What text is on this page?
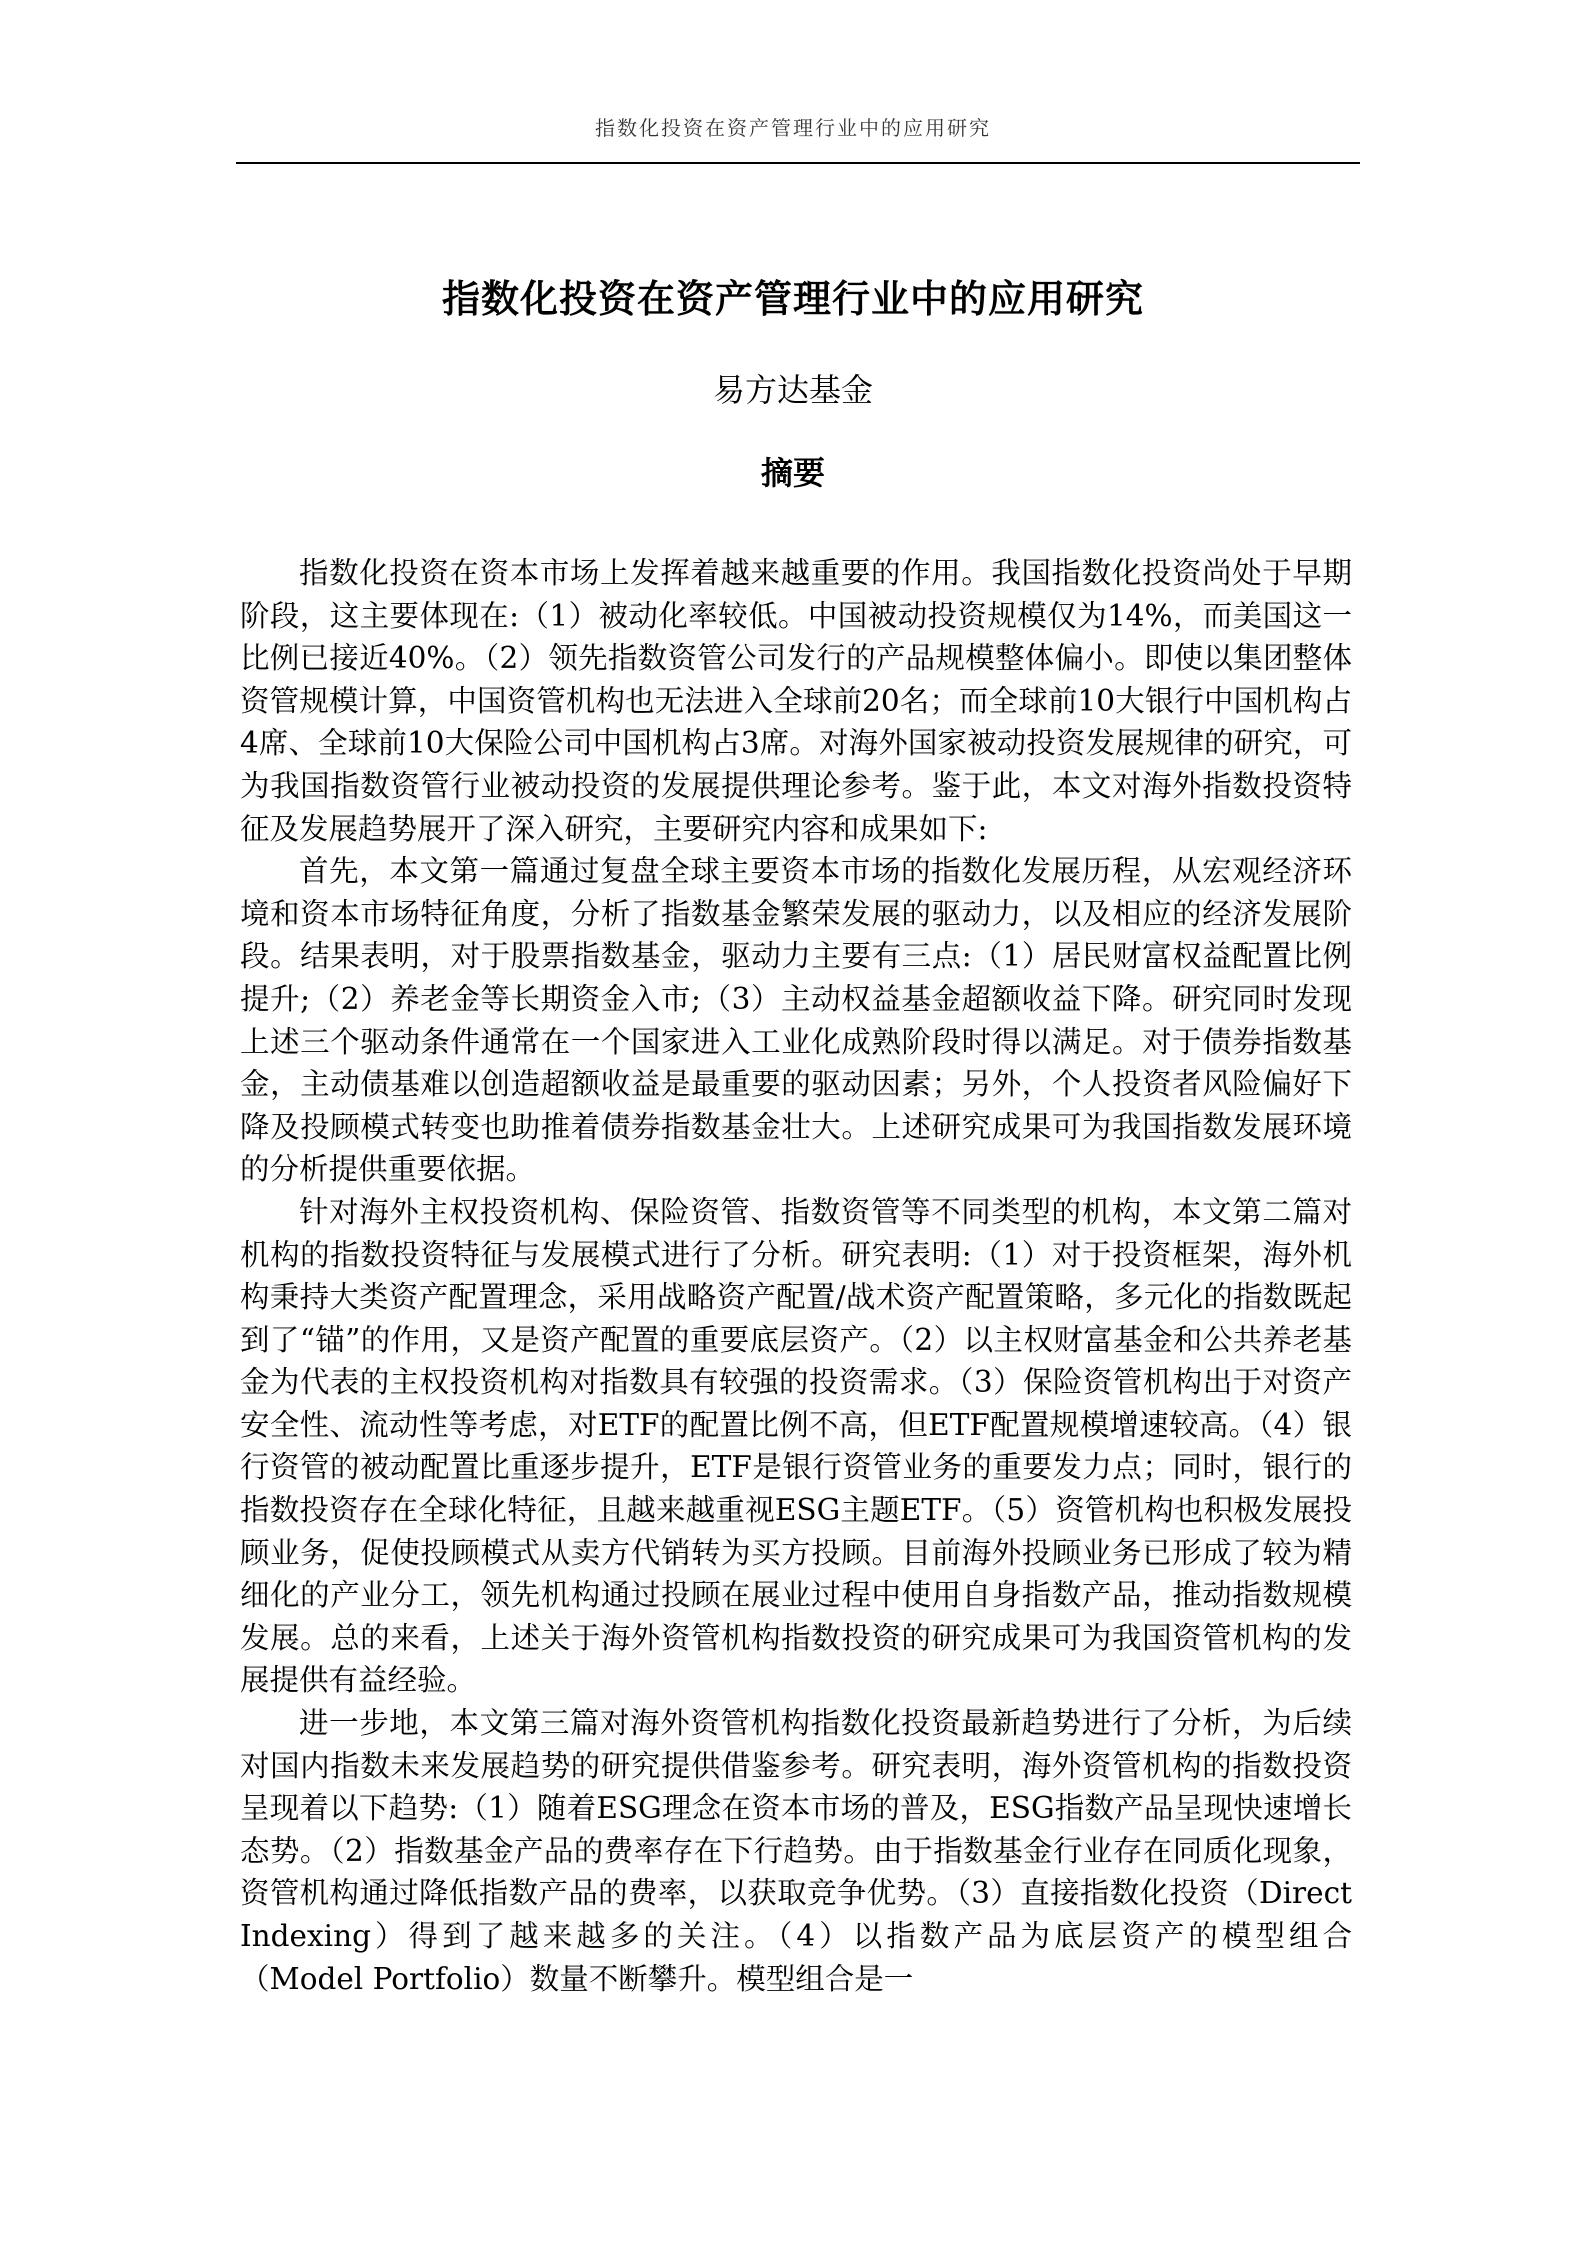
指数化投资在资产管理行业中的应用研究
指数化投资在资产管理行业中的应用研究
易方达基金
摘要

指数化投资在资本市场上发挥着越来越重要的作用。我国指数化投资尚处于早期阶段，这主要体现在:（1）被动化率较低。中国被动投资规模仅为14%，而美国这一比例已接近40%。（2）领先指数资管公司发行的产品规模整体偏小。即使以集团整体资管规模计算，中国资管机构也无法进入全球前20名；而全球前10大银行中国机构占4席、全球前10大保险公司中国机构占3席。对海外国家被动投资发展规律的研究，可为我国指数资管行业被动投资的发展提供理论参考。鉴于此，本文对海外指数投资特征及发展趋势展开了深入研究，主要研究内容和成果如下:

首先，本文第一篇通过复盘全球主要资本市场的指数化发展历程，从宏观经济环境和资本市场特征角度，分析了指数基金繁荣发展的驱动力，以及相应的经济发展阶段。结果表明，对于股票指数基金，驱动力主要有三点:（1）居民财富权益配置比例提升;（2）养老金等长期资金入市;（3）主动权益基金超额收益下降。研究同时发现上述三个驱动条件通常在一个国家进入工业化成熟阶段时得以满足。对于债券指数基金，主动债基难以创造超额收益是最重要的驱动因素；另外，个人投资者风险偏好下降及投顾模式转变也助推着债券指数基金壮大。上述研究成果可为我国指数发展环境的分析提供重要依据。

针对海外主权投资机构、保险资管、指数资管等不同类型的机构，本文第二篇对机构的指数投资特征与发展模式进行了分析。研究表明:（1）对于投资框架，海外机构秉持大类资产配置理念，采用战略资产配置/战术资产配置策略，多元化的指数既起到了“锚”的作用，又是资产配置的重要底层资产。（2）以主权财富基金和公共养老基金为代表的主权投资机构对指数具有较强的投资需求。（3）保险资管机构出于对资产安全性、流动性等考虑，对ETF的配置比例不高，但ETF配置规模增速较高。（4）银行资管的被动配置比重逐步提升，ETF是银行资管业务的重要发力点；同时，银行的指数投资存在全球化特征，且越来越重视ESG主题ETF。（5）资管机构也积极发展投顾业务，促使投顾模式从卖方代销转为买方投顾。目前海外投顾业务已形成了较为精细化的产业分工，领先机构通过投顾在展业过程中使用自身指数产品，推动指数规模发展。总的来看，上述关于海外资管机构指数投资的研究成果可为我国资管机构的发展提供有益经验。

进一步地，本文第三篇对海外资管机构指数化投资最新趋势进行了分析，为后续对国内指数未来发展趋势的研究提供借鉴参考。研究表明，海外资管机构的指数投资呈现着以下趋势:（1）随着ESG理念在资本市场的普及，ESG指数产品呈现快速增长态势。（2）指数基金产品的费率存在下行趋势。由于指数基金行业存在同质化现象，资管机构通过降低指数产品的费率，以获取竞争优势。（3）直接指数化投资（Direct Indexing）得到了越来越多的关注。（4）以指数产品为底层资产的模型组合（Model Portfolio）数量不断攀升。模型组合是一
